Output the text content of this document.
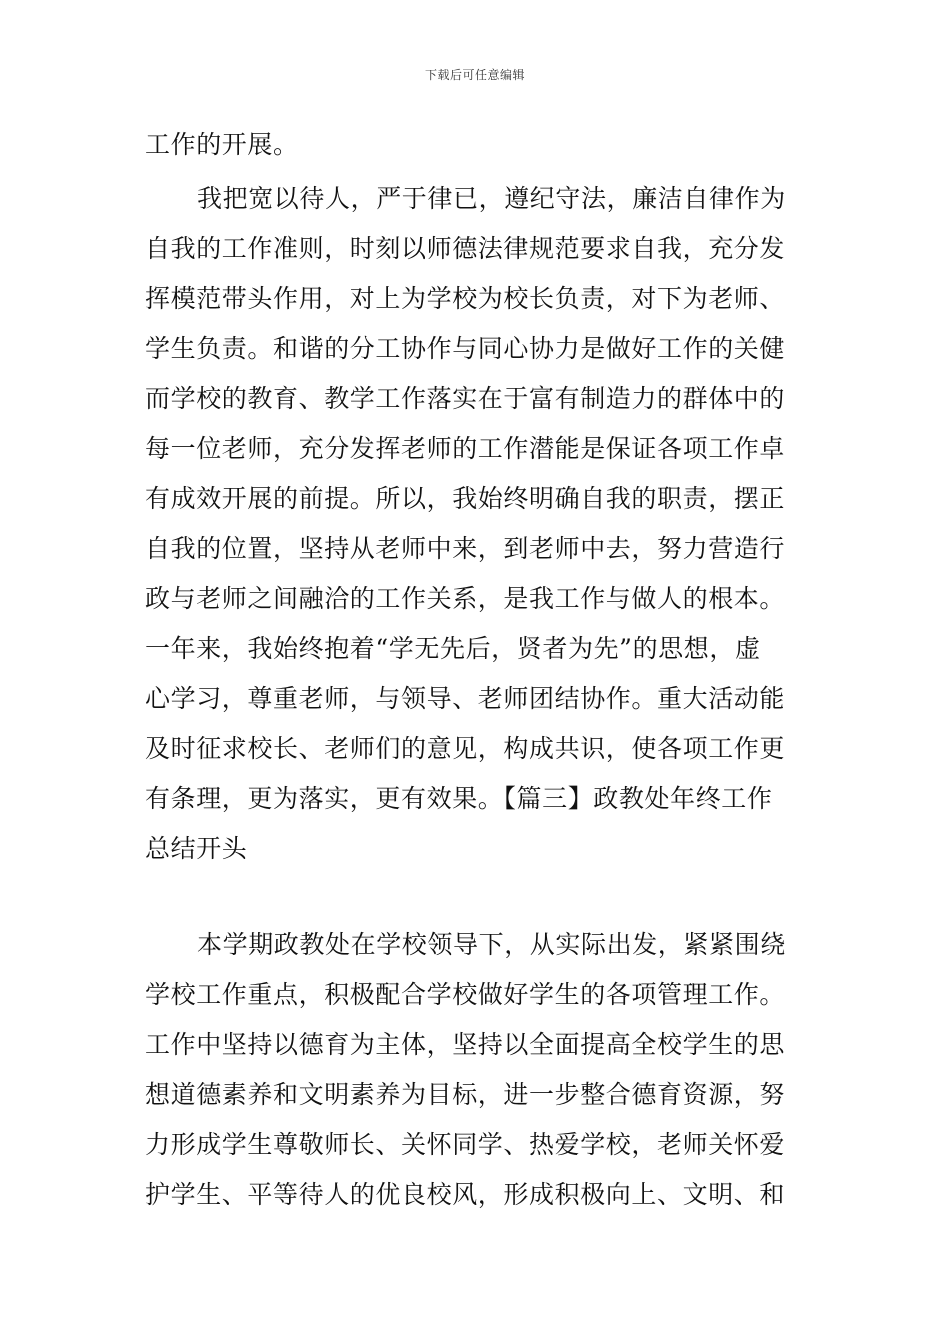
下载后可任意编辑
工作的开展。
我把宽以待人，严于律已，遵纪守法，廉洁自律作为
自我的工作准则，时刻以师德法律规范要求自我，充分发
挥模范带头作用，对上为学校为校长负责，对下为老师、
学生负责。和谐的分工协作与同心协力是做好工作的关健
而学校的教育、教学工作落实在于富有制造力的群体中的
每一位老师，充分发挥老师的工作潜能是保证各项工作卓
有成效开展的前提。所以，我始终明确自我的职责，摆正
自我的位置，坚持从老师中来，到老师中去，努力营造行
政与老师之间融洽的工作关系，是我工作与做人的根本。
一年来，我始终抱着“学无先后，贤者为先”的思想，虚
心学习，尊重老师，与领导、老师团结协作。重大活动能
及时征求校长、老师们的意见，构成共识，使各项工作更
有条理，更为落实，更有效果。【篇三】政教处年终工作
总结开头
本学期政教处在学校领导下，从实际出发，紧紧围绕
学校工作重点，积极配合学校做好学生的各项管理工作。
工作中坚持以德育为主体，坚持以全面提高全校学生的思
想道德素养和文明素养为目标，进一步整合德育资源，努
力形成学生尊敬师长、关怀同学、热爱学校，老师关怀爱
护学生、平等待人的优良校风，形成积极向上、文明、和
